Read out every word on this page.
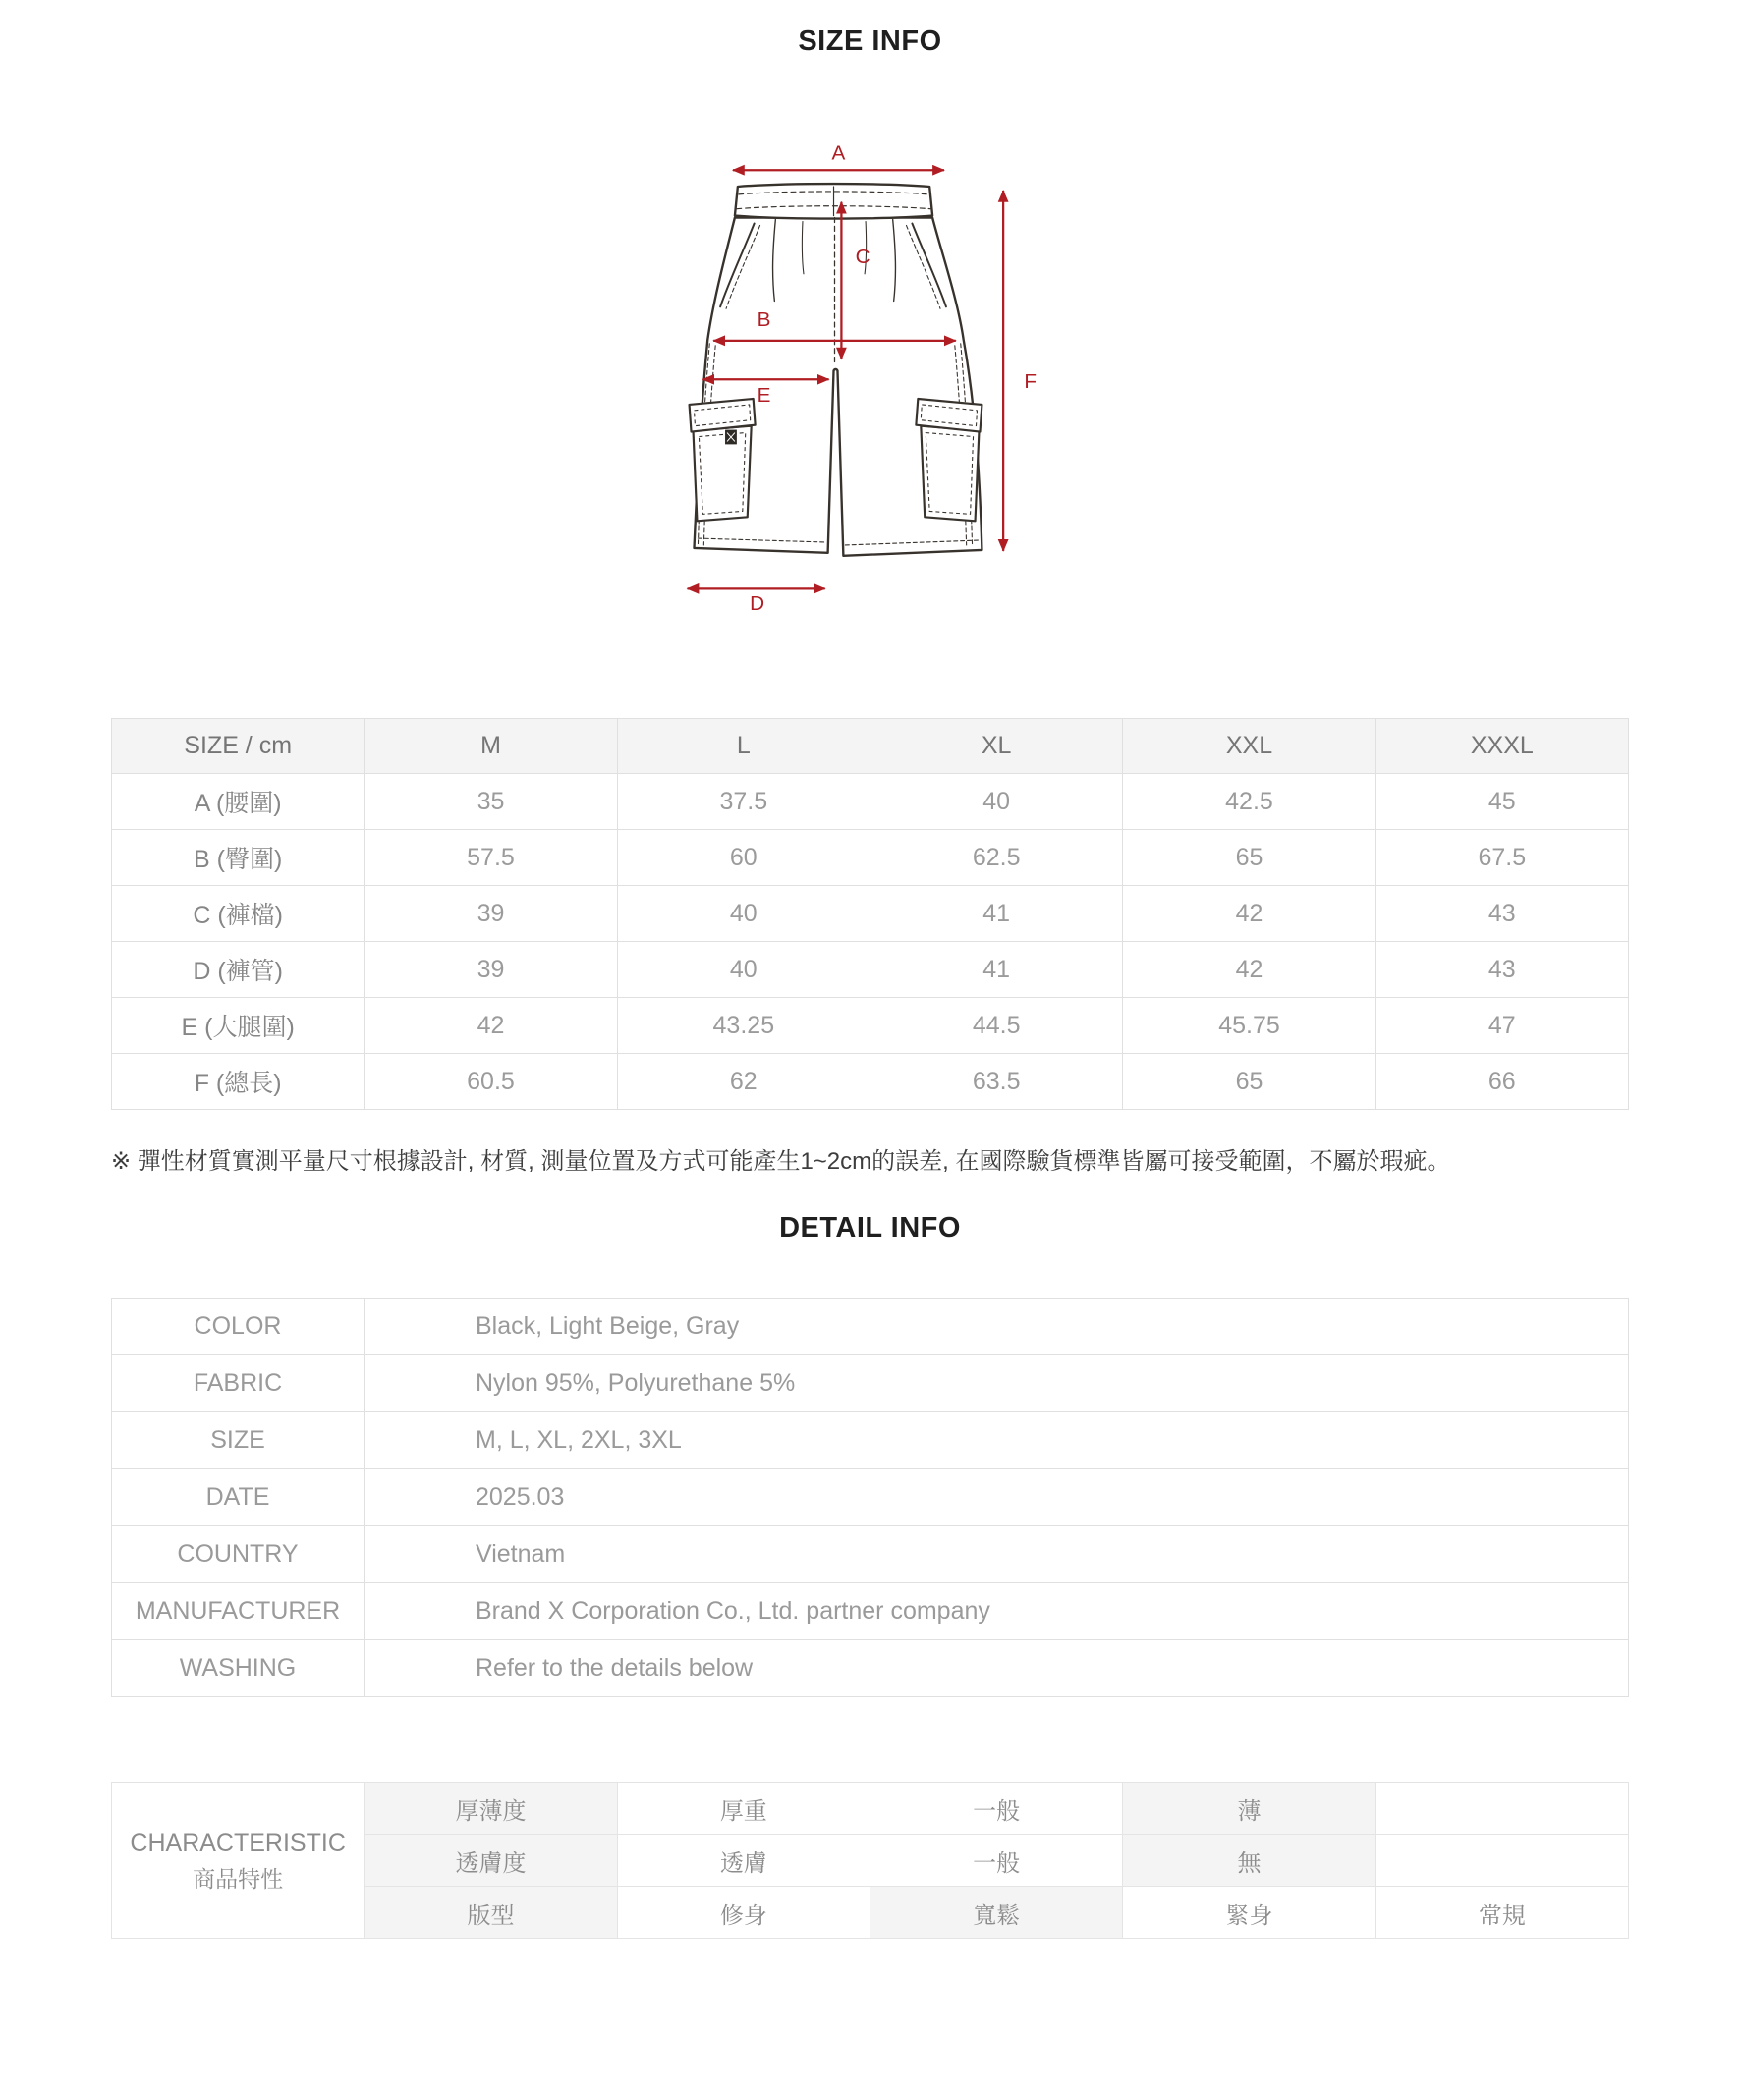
SIZE INFO
A
B
C
D
E
F
SIZE / cm	M	L	XL	XXL	XXXL
A (腰圍)	35	37.5	40	42.5	45
B (臀圍)	57.5	60	62.5	65	67.5
C (褲檔)	39	40	41	42	43
D (褲管)	39	40	41	42	43
E (大腿圍)	42	43.25	44.5	45.75	47
F (總長)	60.5	62	63.5	65	66
※ 彈性材質實測平量尺寸根據設計, 材質, 測量位置及方式可能產生1~2cm的誤差, 在國際驗貨標準皆屬可接受範圍，不屬於瑕疵。
DETAIL INFO
COLOR	Black, Light Beige, Gray
FABRIC	Nylon 95%, Polyurethane 5%
SIZE	M, L, XL, 2XL, 3XL
DATE	2025.03
COUNTRY	Vietnam
MANUFACTURER	Brand X Corporation Co., Ltd. partner company
WASHING	Refer to the details below
CHARACTERISTIC
商品特性	厚薄度	厚重	一般	薄	
	透膚度	透膚	一般	無	
	版型	修身	寬鬆	緊身	常規
